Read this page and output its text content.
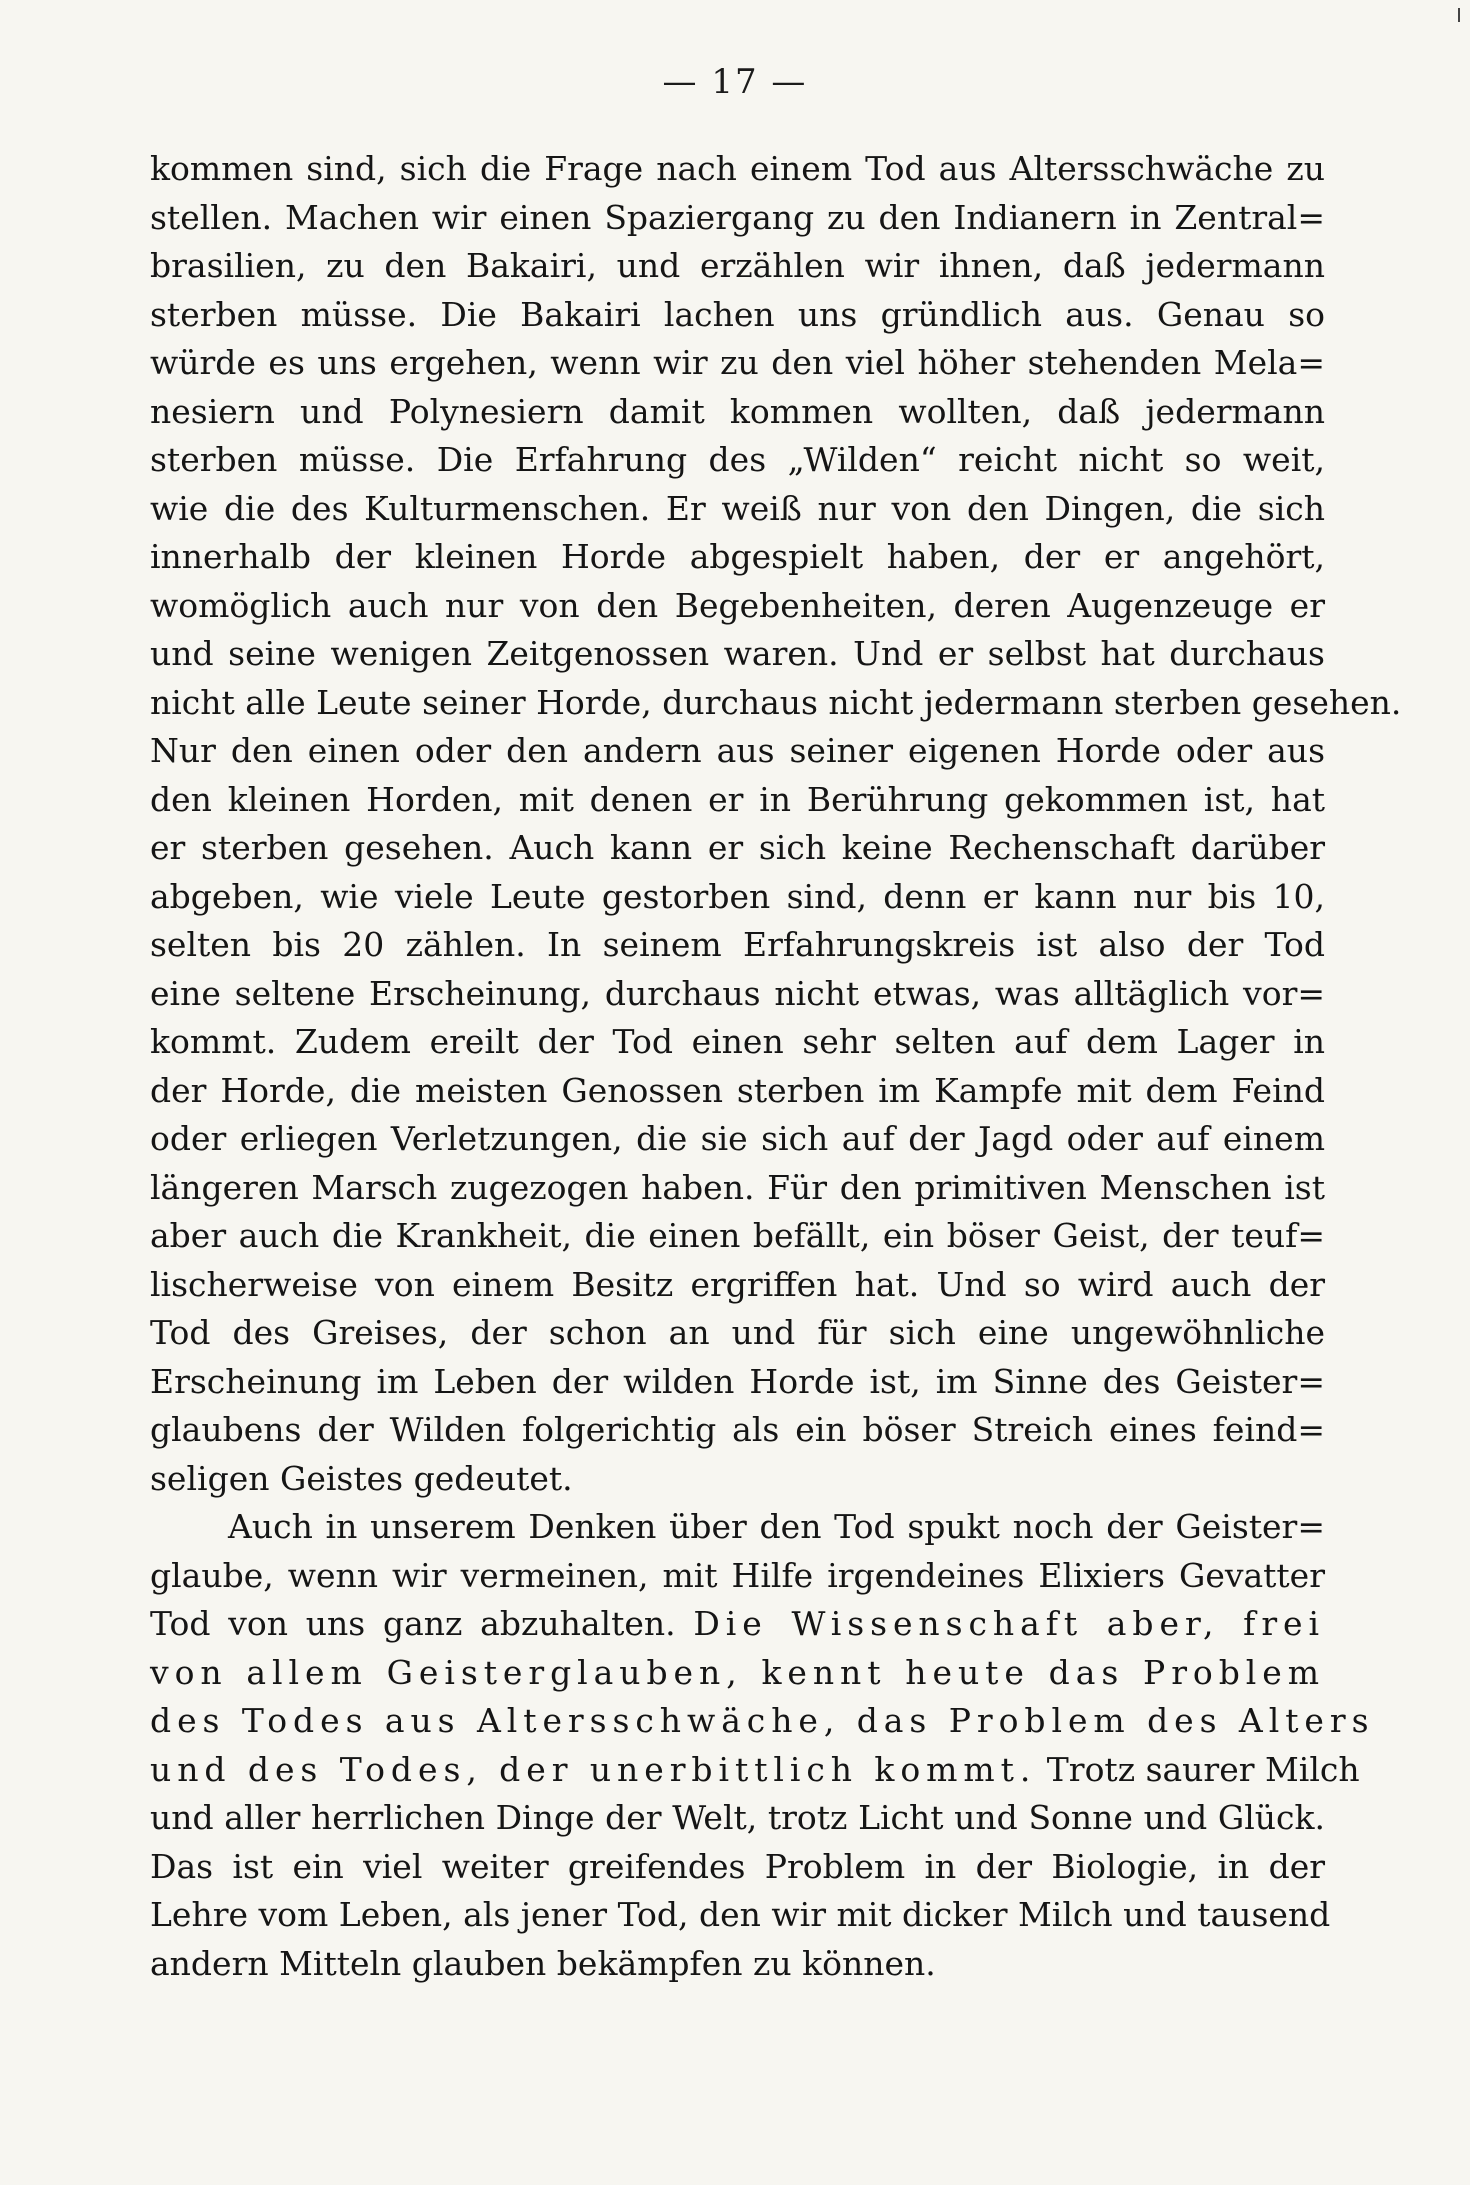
— 17 —
kommen sind, sich die Frage nach einem Tod aus Altersschwäche zu
stellen. Machen wir einen Spaziergang zu den Indianern in Zentral=
brasilien, zu den Bakairi, und erzählen wir ihnen, daß jedermann
sterben müsse. Die Bakairi lachen uns gründlich aus. Genau so
würde es uns ergehen, wenn wir zu den viel höher stehenden Mela=
nesiern und Polynesiern damit kommen wollten, daß jedermann
sterben müsse. Die Erfahrung des „Wilden“ reicht nicht so weit,
wie die des Kulturmenschen. Er weiß nur von den Dingen, die sich
innerhalb der kleinen Horde abgespielt haben, der er angehört,
womöglich auch nur von den Begebenheiten, deren Augenzeuge er
und seine wenigen Zeitgenossen waren. Und er selbst hat durchaus
nicht alle Leute seiner Horde, durchaus nicht jedermann sterben gesehen.
Nur den einen oder den andern aus seiner eigenen Horde oder aus
den kleinen Horden, mit denen er in Berührung gekommen ist, hat
er sterben gesehen. Auch kann er sich keine Rechenschaft darüber
abgeben, wie viele Leute gestorben sind, denn er kann nur bis 10,
selten bis 20 zählen. In seinem Erfahrungskreis ist also der Tod
eine seltene Erscheinung, durchaus nicht etwas, was alltäglich vor=
kommt. Zudem ereilt der Tod einen sehr selten auf dem Lager in
der Horde, die meisten Genossen sterben im Kampfe mit dem Feind
oder erliegen Verletzungen, die sie sich auf der Jagd oder auf einem
längeren Marsch zugezogen haben. Für den primitiven Menschen ist
aber auch die Krankheit, die einen befällt, ein böser Geist, der teuf=
lischerweise von einem Besitz ergriffen hat. Und so wird auch der
Tod des Greises, der schon an und für sich eine ungewöhnliche
Erscheinung im Leben der wilden Horde ist, im Sinne des Geister=
glaubens der Wilden folgerichtig als ein böser Streich eines feind=
seligen Geistes gedeutet.
Auch in unserem Denken über den Tod spukt noch der Geister=
glaube, wenn wir vermeinen, mit Hilfe irgendeines Elixiers Gevatter
Tod von uns ganz abzuhalten. Die Wissenschaft aber, frei
von allem Geisterglauben, kennt heute das Problem
des Todes aus Altersschwäche, das Problem des Alters
und des Todes, der unerbittlich kommt. Trotz saurer Milch
und aller herrlichen Dinge der Welt, trotz Licht und Sonne und Glück.
Das ist ein viel weiter greifendes Problem in der Biologie, in der
Lehre vom Leben, als jener Tod, den wir mit dicker Milch und tausend
andern Mitteln glauben bekämpfen zu können.
